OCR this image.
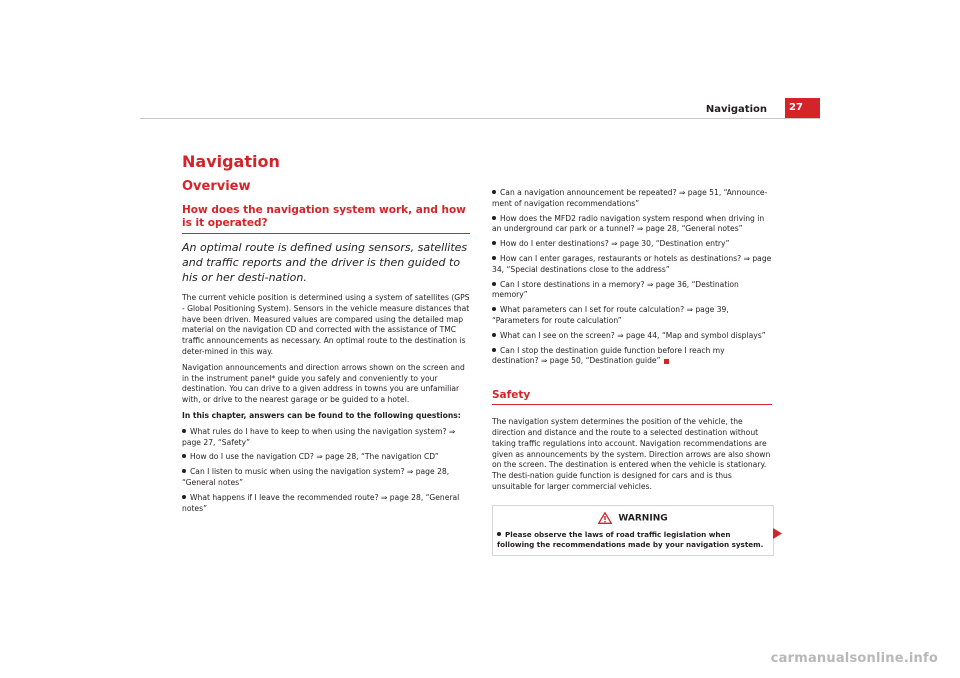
27
Navigation
Navigation
Overview
How does the navigation system work, and how is it operated?
An optimal route is defined using sensors, satellites and traffic reports and the driver is then guided to his or her desti-nation.

The current vehicle position is determined using a system of satellites (GPS - Global Positioning System). Sensors in the vehicle measure distances that have been driven. Measured values are compared using the detailed map material on the navigation CD and corrected with the assistance of TMC traffic announcements as necessary. An optimal route to the destination is deter-mined in this way.

Navigation announcements and direction arrows shown on the screen and in the instrument panel* guide you safely and conveniently to your destination. You can drive to a given address in towns you are unfamiliar with, or drive to the nearest garage or be guided to a hotel.

In this chapter, answers can be found to the following questions:

What rules do I have to keep to when using the navigation system? ⇒ page 27, “Safety”
How do I use the navigation CD? ⇒ page 28, “The navigation CD”
Can I listen to music when using the navigation system? ⇒ page 28, “General notes”
What happens if I leave the recommended route? ⇒ page 28, “General notes”
Can a navigation announcement be repeated? ⇒ page 51, “Announce-ment of navigation recommendations”
How does the MFD2 radio navigation system respond when driving in an underground car park or a tunnel? ⇒ page 28, “General notes”
How do I enter destinations? ⇒ page 30, “Destination entry”
How can I enter garages, restaurants or hotels as destinations? ⇒ page 34, “Special destinations close to the address”
Can I store destinations in a memory? ⇒ page 36, “Destination memory”
What parameters can I set for route calculation? ⇒ page 39, “Parameters for route calculation”
What can I see on the screen? ⇒ page 44, “Map and symbol displays”
Can I stop the destination guide function before I reach my destination? ⇒ page 50, “Destination guide”
Safety

The navigation system determines the position of the vehicle, the direction and distance and the route to a selected destination without taking traffic regulations into account. Navigation recommendations are given as announcements by the system. Direction arrows are also shown on the screen. The destination is entered when the vehicle is stationary. The desti-nation guide function is designed for cars and is thus unsuitable for larger commercial vehicles.

WARNING
Please observe the laws of road traffic legislation when following the recommendations made by your navigation system.
carmanualsonline.info
